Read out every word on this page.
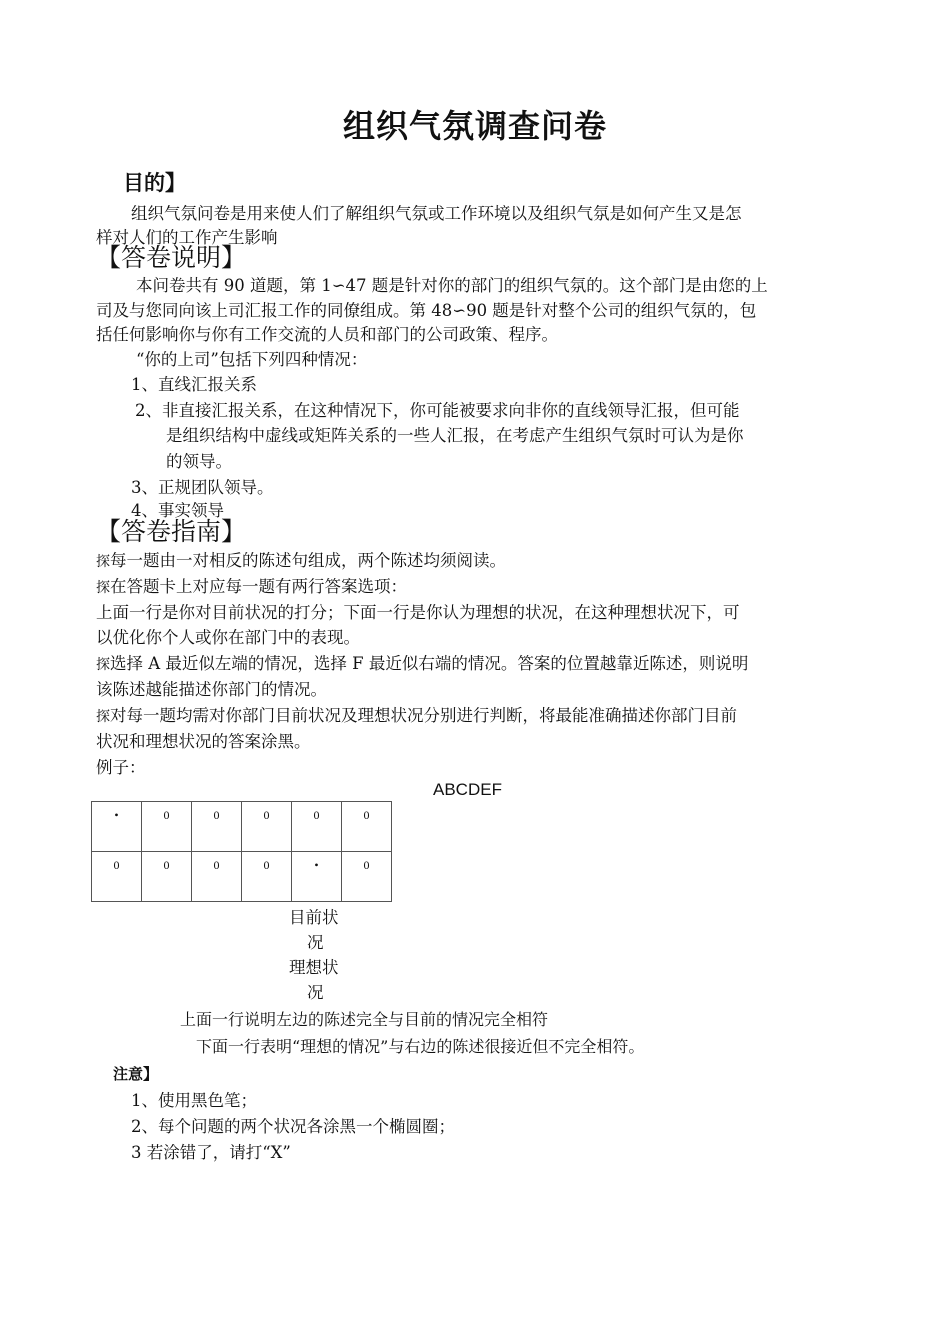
组织气氛调查问卷
目的】
组织气氛问卷是用来使人们了解组织气氛或工作环境以及组织气氛是如何产生又是怎
样对人们的工作产生影响
【答卷说明】
本问卷共有 90 道题，第 1∽47 题是针对你的部门的组织气氛的。这个部门是由您的上
司及与您同向该上司汇报工作的同僚组成。第 48∽90 题是针对整个公司的组织气氛的，包
括任何影响你与你有工作交流的人员和部门的公司政策、程序。
“你的上司”包括下列四种情况：
1、直线汇报关系
2、非直接汇报关系，在这种情况下，你可能被要求向非你的直线领导汇报，但可能
是组织结构中虚线或矩阵关系的一些人汇报，在考虑产生组织气氛时可认为是你
的领导。
3、正规团队领导。
4、事实领导
【答卷指南】
探每一题由一对相反的陈述句组成，两个陈述均须阅读。
探在答题卡上对应每一题有两行答案选项：
上面一行是你对目前状况的打分；下面一行是你认为理想的状况，在这种理想状况下，可
以优化你个人或你在部门中的表现。
探选择 A 最近似左端的情况，选择 F 最近似右端的情况。答案的位置越靠近陈述，则说明
该陈述越能描述你部门的情况。
探对每一题均需对你部门目前状况及理想状况分别进行判断，将最能准确描述你部门目前
状况和理想状况的答案涂黑。
例子：
ABCDEF
•	0	0	0	0	0
0	0	0	0	•	0
目前状
况
理想状
况
上面一行说明左边的陈述完全与目前的情况完全相符
下面一行表明“理想的情况”与右边的陈述很接近但不完全相符。
注意】
1、使用黑色笔；
2、每个问题的两个状况各涂黑一个椭圆圈；
3 若涂错了，请打“X”
